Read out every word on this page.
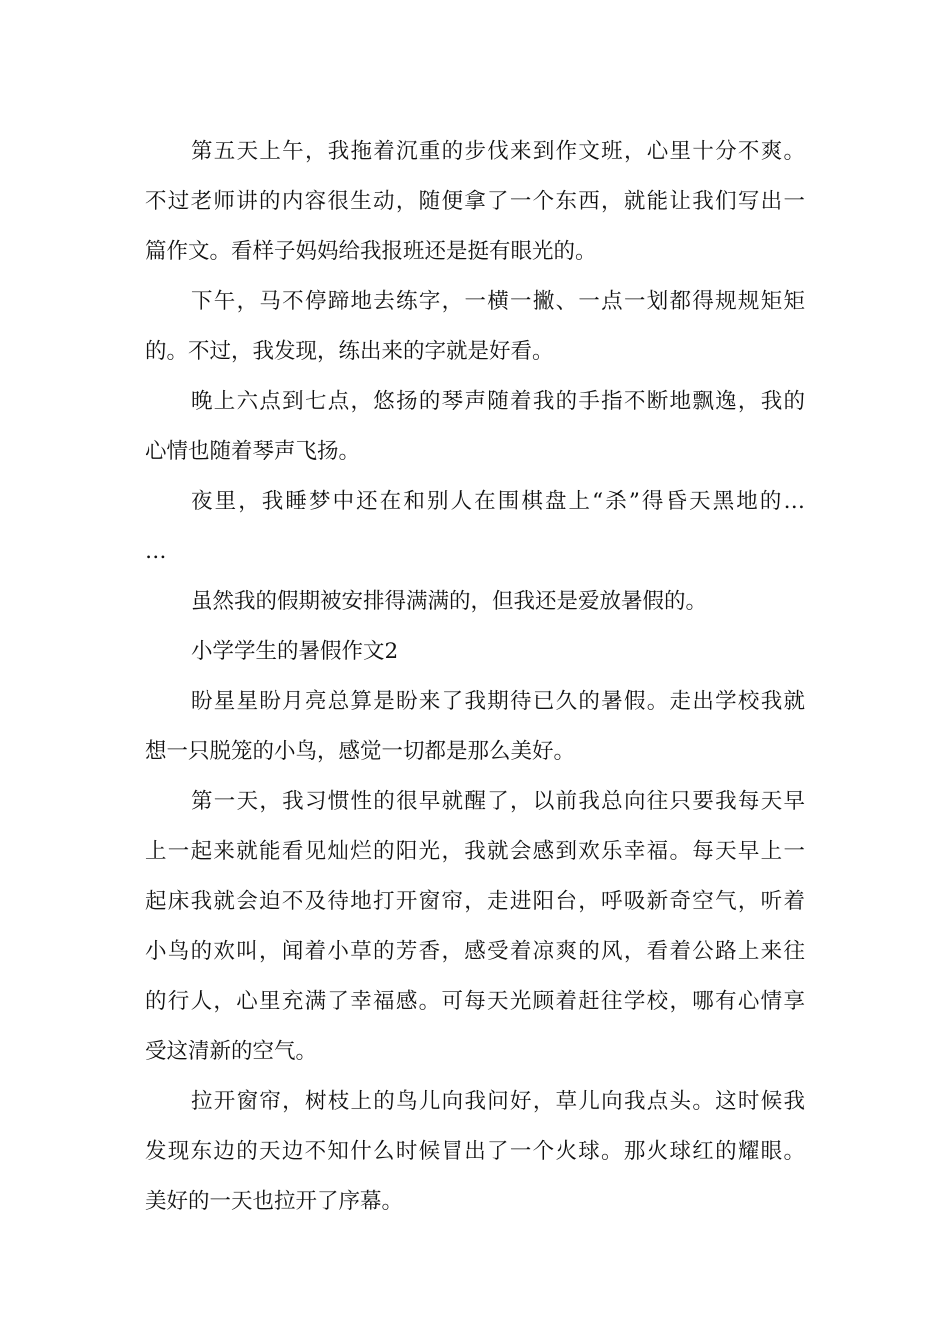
第五天上午，我拖着沉重的步伐来到作文班，心里十分不爽。
不过老师讲的内容很生动，随便拿了一个东西，就能让我们写出一
篇作文。看样子妈妈给我报班还是挺有眼光的。
下午，马不停蹄地去练字，一横一撇、一点一划都得规规矩矩
的。不过，我发现，练出来的字就是好看。
晚上六点到七点，悠扬的琴声随着我的手指不断地飘逸，我的
心情也随着琴声飞扬。
夜里，我睡梦中还在和别人在围棋盘上“杀”得昏天黑地的…
…
虽然我的假期被安排得满满的，但我还是爱放暑假的。
小学学生的暑假作文2
盼星星盼月亮总算是盼来了我期待已久的暑假。走出学校我就
想一只脱笼的小鸟，感觉一切都是那么美好。
第一天，我习惯性的很早就醒了，以前我总向往只要我每天早
上一起来就能看见灿烂的阳光，我就会感到欢乐幸福。每天早上一
起床我就会迫不及待地打开窗帘，走进阳台，呼吸新奇空气，听着
小鸟的欢叫，闻着小草的芳香，感受着凉爽的风，看着公路上来往
的行人，心里充满了幸福感。可每天光顾着赶往学校，哪有心情享
受这清新的空气。
拉开窗帘，树枝上的鸟儿向我问好，草儿向我点头。这时候我
发现东边的天边不知什么时候冒出了一个火球。那火球红的耀眼。
美好的一天也拉开了序幕。
